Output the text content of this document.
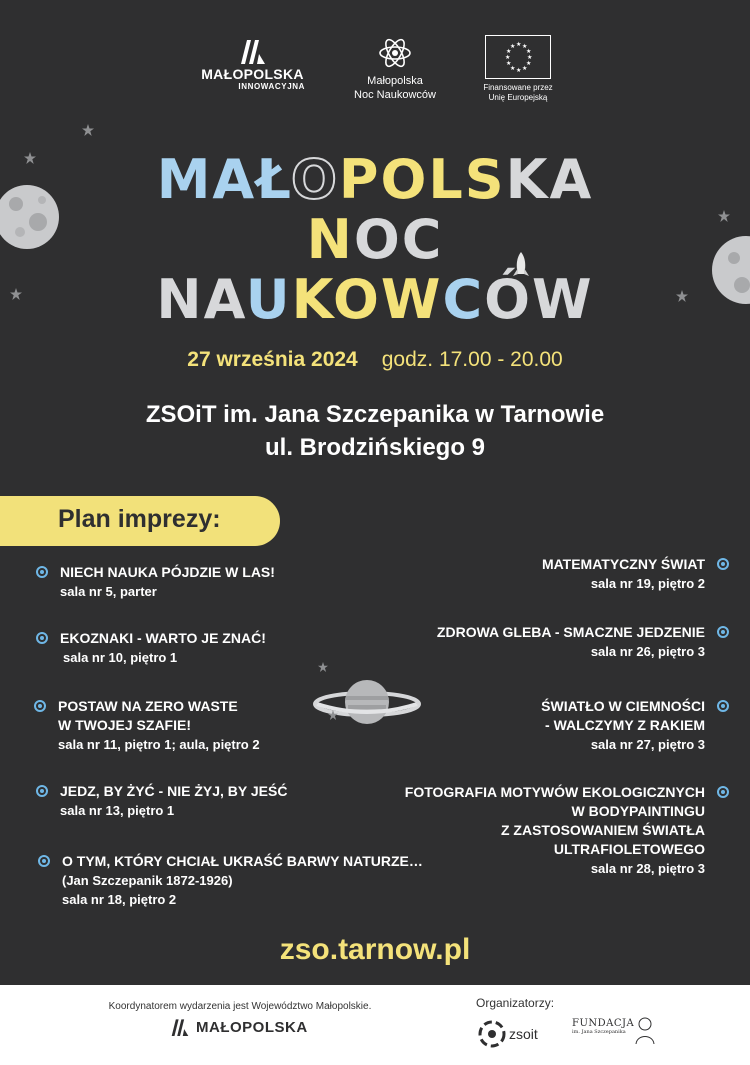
MAŁOPOLSKA
INNOWACYJNA	Małopolska
Noc Naukowców
★ ★
★
★
★
★
★
★
★
★
★
★
Finansowane przez
Unię Europejską
MAŁOPOLSKA
NOC
NAUKOWCÓW
27 września 2024 godz. 17.00 - 20.00
ZSOiT im. Jana Szczepanika w Tarnowie
ul. Brodzińskiego 9
Plan imprezy:
NIECH NAUKA PÓJDZIE W LAS!
sala nr 5, parter
EKOZNAKI - WARTO JE ZNAĆ!
sala nr 10, piętro 1
POSTAW NA ZERO WASTE
W TWOJEJ SZAFIE!
sala nr 11, piętro 1; aula, piętro 2
JEDZ, BY ŻYĆ - NIE ŻYJ, BY JEŚĆ
sala nr 13, piętro 1
O TYM, KTÓRY CHCIAŁ UKRAŚĆ BARWY NATURZE…
(Jan Szczepanik 1872-1926)
sala nr 18, piętro 2
MATEMATYCZNY ŚWIAT
sala nr 19, piętro 2
ZDROWA GLEBA - SMACZNE JEDZENIE
sala nr 26, piętro 3
ŚWIATŁO W CIEMNOŚCI
- WALCZYMY Z RAKIEM
sala nr 27, piętro 3
FOTOGRAFIA MOTYWÓW EKOLOGICZNYCH
W BODYPAINTINGU
Z ZASTOSOWANIEM ŚWIATŁA
ULTRAFIOLETOWEGO
sala nr 28, piętro 3
zso.tarnow.pl
Koordynatorem wydarzenia jest Województwo Małopolskie.
MAŁOPOLSKA
Organizatorzy:
zsoit
FUNDACJA
im. Jana Szczepanika
